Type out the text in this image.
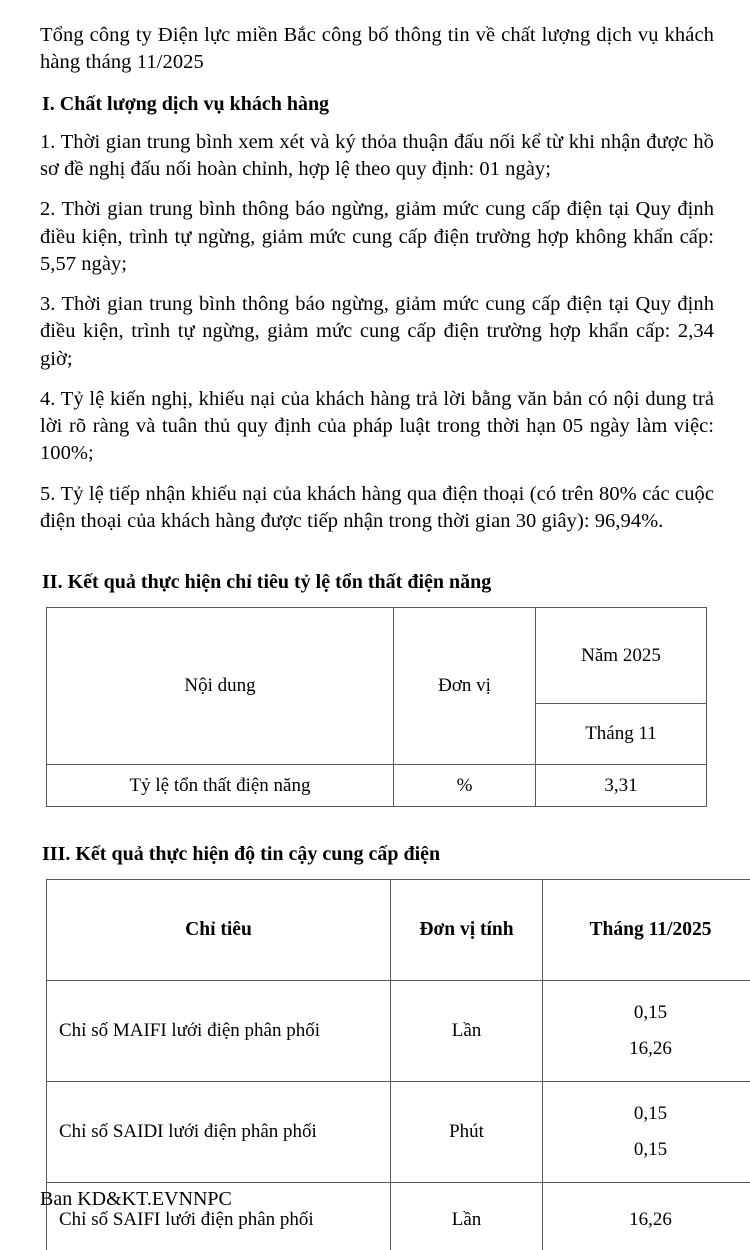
Tổng công ty Điện lực miền Bắc công bố thông tin về chất lượng dịch vụ khách hàng tháng 11/2025

I. Chất lượng dịch vụ khách hàng

1. Thời gian trung bình xem xét và ký thỏa thuận đấu nối kể từ khi nhận được hồ sơ đề nghị đấu nối hoàn chỉnh, hợp lệ theo quy định: 01 ngày;

2. Thời gian trung bình thông báo ngừng, giảm mức cung cấp điện tại Quy định điều kiện, trình tự ngừng, giảm mức cung cấp điện trường hợp không khẩn cấp: 5,57 ngày;

3. Thời gian trung bình thông báo ngừng, giảm mức cung cấp điện tại Quy định điều kiện, trình tự ngừng, giảm mức cung cấp điện trường hợp khẩn cấp: 2,34 giờ;

4. Tỷ lệ kiến nghị, khiếu nại của khách hàng trả lời bằng văn bản có nội dung trả lời rõ ràng và tuân thủ quy định của pháp luật trong thời hạn 05 ngày làm việc: 100%;

5. Tỷ lệ tiếp nhận khiếu nại của khách hàng qua điện thoại (có trên 80% các cuộc điện thoại của khách hàng được tiếp nhận trong thời gian 30 giây): 96,94%.

II. Kết quả thực hiện chỉ tiêu tỷ lệ tổn thất điện năng
Nội dung	Đơn vị	Năm 2025
		Tháng 11
Tỷ lệ tổn thất điện năng	%	3,31
III. Kết quả thực hiện độ tin cậy cung cấp điện
Chỉ tiêu	Đơn vị tính	Tháng 11/2025
Chỉ số MAIFI lưới điện phân phối	Lần	0,15
16,26

Chỉ số SAIDI lưới điện phân phối	Phút	0,15
0,15

Chỉ số SAIFI lưới điện phân phối	Lần	16,26
Ban KD&KT.EVNNPC
